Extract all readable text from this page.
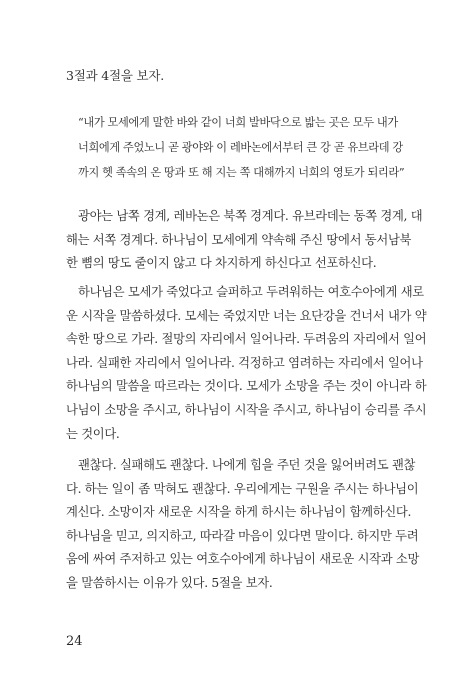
3절과 4절을 보자.

“내가 모세에게 말한 바와 같이 너희 발바닥으로 밟는 곳은 모두 내가

너희에게 주었노니 곧 광야와 이 레바논에서부터 큰 강 곧 유브라데 강

까지 헷 족속의 온 땅과 또 해 지는 쪽 대해까지 너희의 영토가 되리라”

광야는 남쪽 경계, 레바논은 북쪽 경계다. 유브라데는 동쪽 경계, 대

해는 서쪽 경계다. 하나님이 모세에게 약속해 주신 땅에서 동서남북

한 뼘의 땅도 줄이지 않고 다 차지하게 하신다고 선포하신다.

하나님은 모세가 죽었다고 슬퍼하고 두려워하는 여호수아에게 새로

운 시작을 말씀하셨다. 모세는 죽었지만 너는 요단강을 건너서 내가 약

속한 땅으로 가라. 절망의 자리에서 일어나라. 두려움의 자리에서 일어

나라. 실패한 자리에서 일어나라. 걱정하고 염려하는 자리에서 일어나

하나님의 말씀을 따르라는 것이다. 모세가 소망을 주는 것이 아니라 하

나님이 소망을 주시고, 하나님이 시작을 주시고, 하나님이 승리를 주시

는 것이다.

괜찮다. 실패해도 괜찮다. 나에게 힘을 주던 것을 잃어버려도 괜찮

다. 하는 일이 좀 막혀도 괜찮다. 우리에게는 구원을 주시는 하나님이

계신다. 소망이자 새로운 시작을 하게 하시는 하나님이 함께하신다.

하나님을 믿고, 의지하고, 따라갈 마음이 있다면 말이다. 하지만 두려

움에 싸여 주저하고 있는 여호수아에게 하나님이 새로운 시작과 소망

을 말씀하시는 이유가 있다. 5절을 보자.

24
